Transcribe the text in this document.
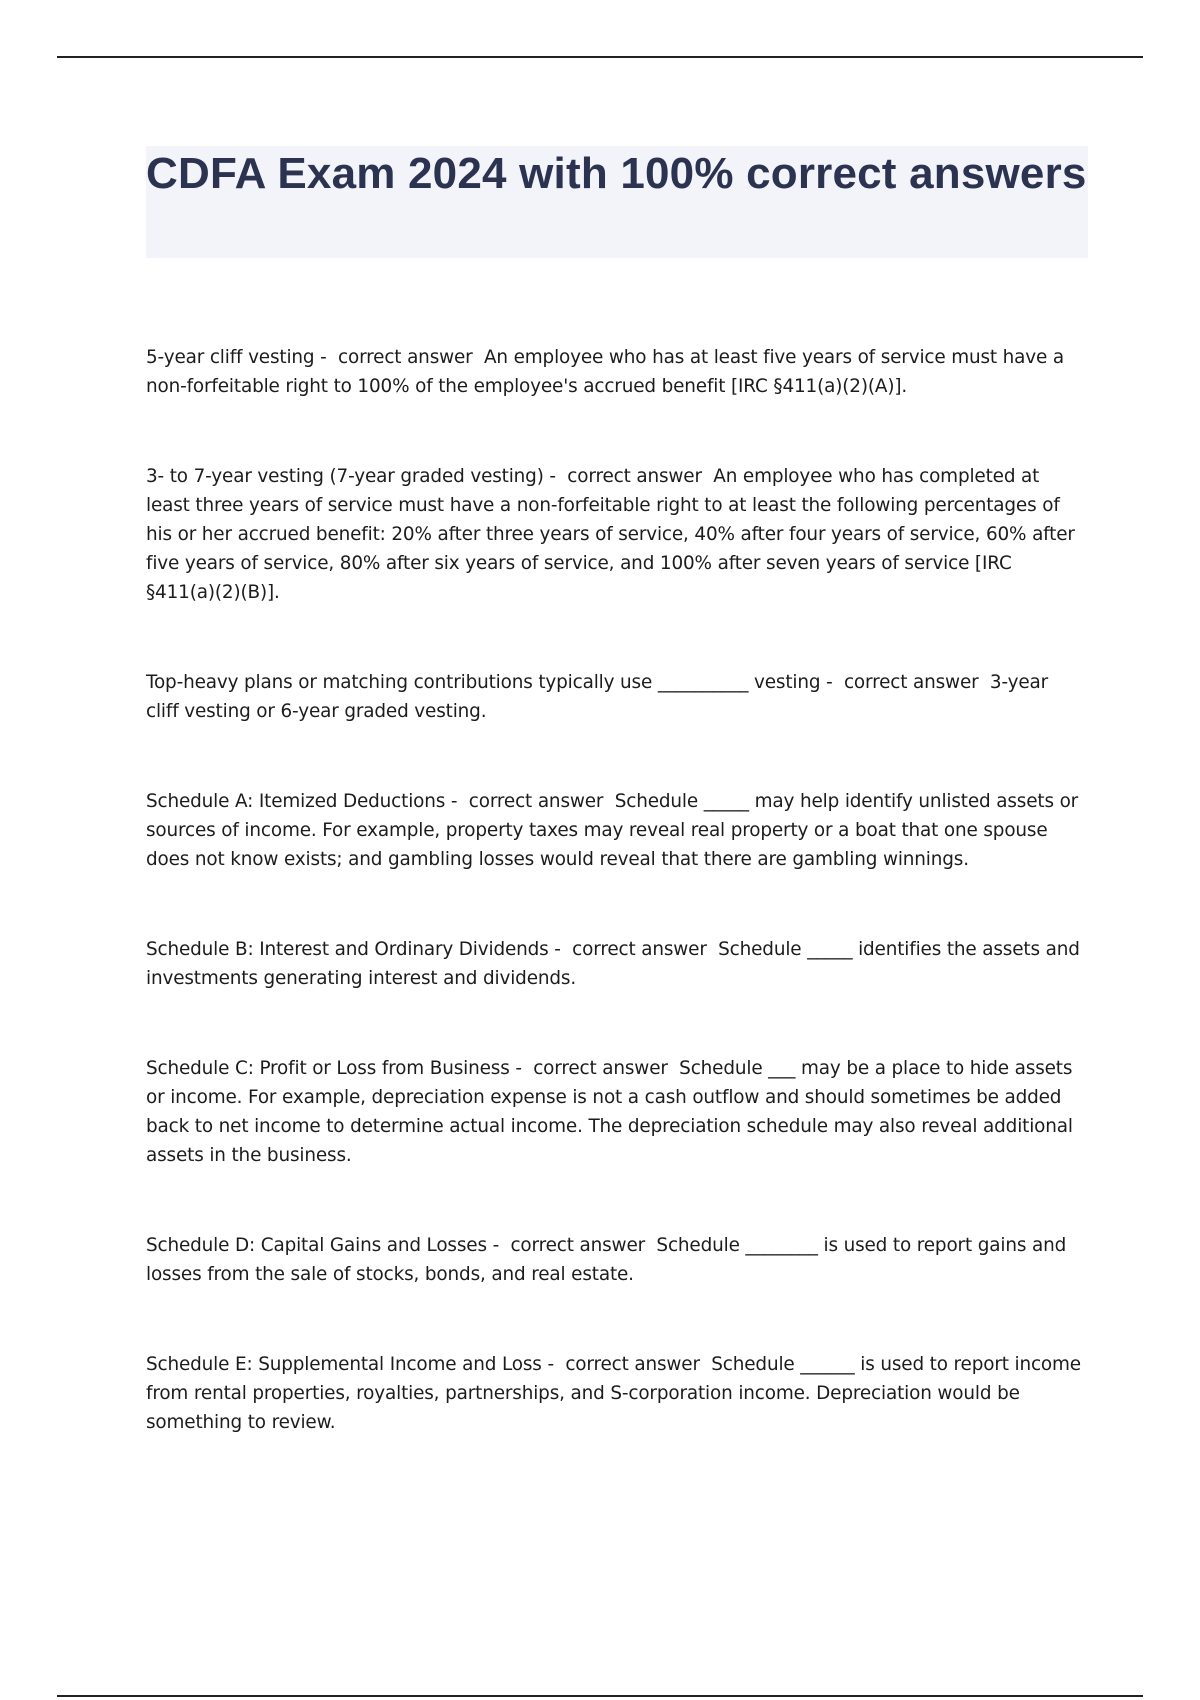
CDFA Exam 2024 with 100% correct answers

5-year cliff vesting -  correct answer  An employee who has at least five years of service must have a non-forfeitable right to 100% of the employee's accrued benefit [IRC §411(a)(2)(A)].

3- to 7-year vesting (7-year graded vesting) -  correct answer  An employee who has completed at least three years of service must have a non-forfeitable right to at least the following percentages of his or her accrued benefit: 20% after three years of service, 40% after four years of service, 60% after five years of service, 80% after six years of service, and 100% after seven years of service [IRC §411(a)(2)(B)].

Top-heavy plans or matching contributions typically use __________ vesting -  correct answer  3-year cliff vesting or 6-year graded vesting.

Schedule A: Itemized Deductions -  correct answer  Schedule _____ may help identify unlisted assets or sources of income. For example, property taxes may reveal real property or a boat that one spouse does not know exists; and gambling losses would reveal that there are gambling winnings.

Schedule B: Interest and Ordinary Dividends -  correct answer  Schedule _____ identifies the assets and investments generating interest and dividends.

Schedule C: Profit or Loss from Business -  correct answer  Schedule ___ may be a place to hide assets or income. For example, depreciation expense is not a cash outflow and should sometimes be added back to net income to determine actual income. The depreciation schedule may also reveal additional assets in the business.

Schedule D: Capital Gains and Losses -  correct answer  Schedule ________ is used to report gains and losses from the sale of stocks, bonds, and real estate.

Schedule E: Supplemental Income and Loss -  correct answer  Schedule ______ is used to report income from rental properties, royalties, partnerships, and S-corporation income. Depreciation would be something to review.
